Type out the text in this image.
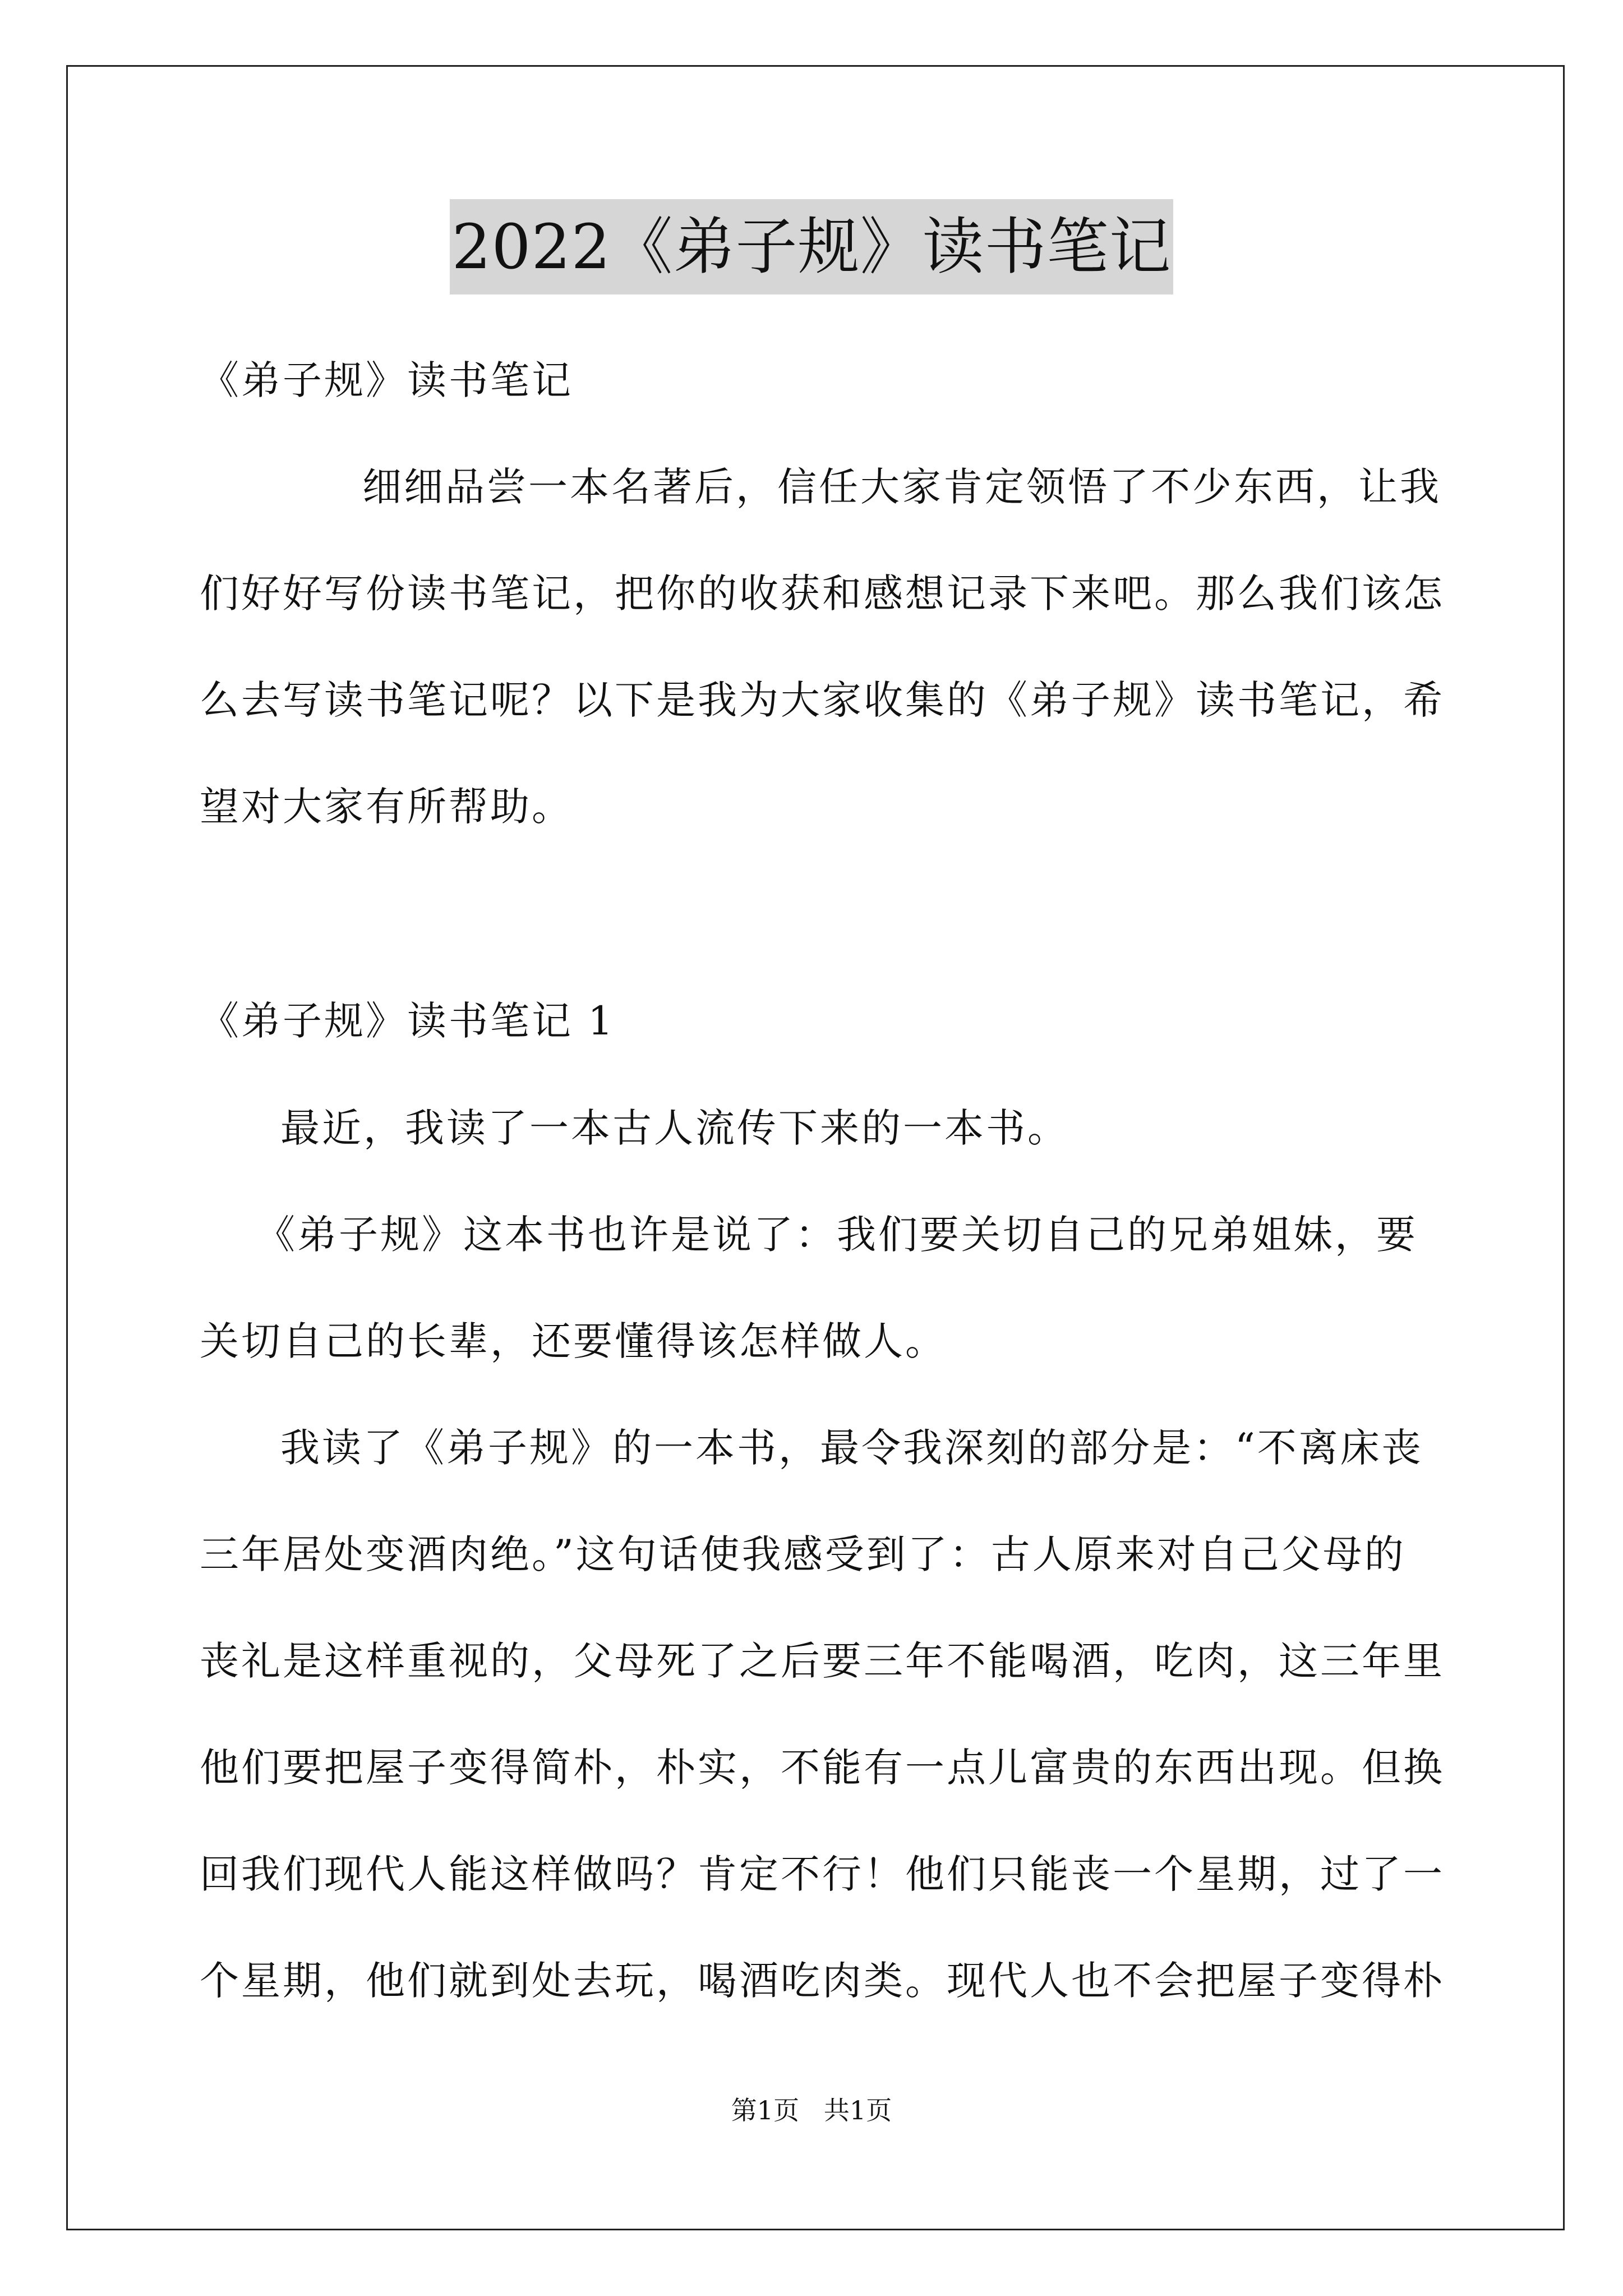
2022《弟子规》读书笔记
《弟子规》读书笔记
细细品尝一本名著后，信任大家肯定领悟了不少东西，让我
们好好写份读书笔记，把你的收获和感想记录下来吧。那么我们该怎
么去写读书笔记呢？以下是我为大家收集的《弟子规》读书笔记，希
望对大家有所帮助。
《弟子规》读书笔记 1
最近，我读了一本古人流传下来的一本书。
《弟子规》这本书也许是说了：我们要关切自己的兄弟姐妹，要
关切自己的长辈，还要懂得该怎样做人。
我读了《弟子规》的一本书，最令我深刻的部分是：“不离床丧
三年居处变酒肉绝。”这句话使我感受到了：古人原来对自己父母的
丧礼是这样重视的，父母死了之后要三年不能喝酒，吃肉，这三年里
他们要把屋子变得简朴，朴实，不能有一点儿富贵的东西出现。但换
回我们现代人能这样做吗？肯定不行！他们只能丧一个星期，过了一
个星期，他们就到处去玩，喝酒吃肉类。现代人也不会把屋子变得朴
第1页   共1页
